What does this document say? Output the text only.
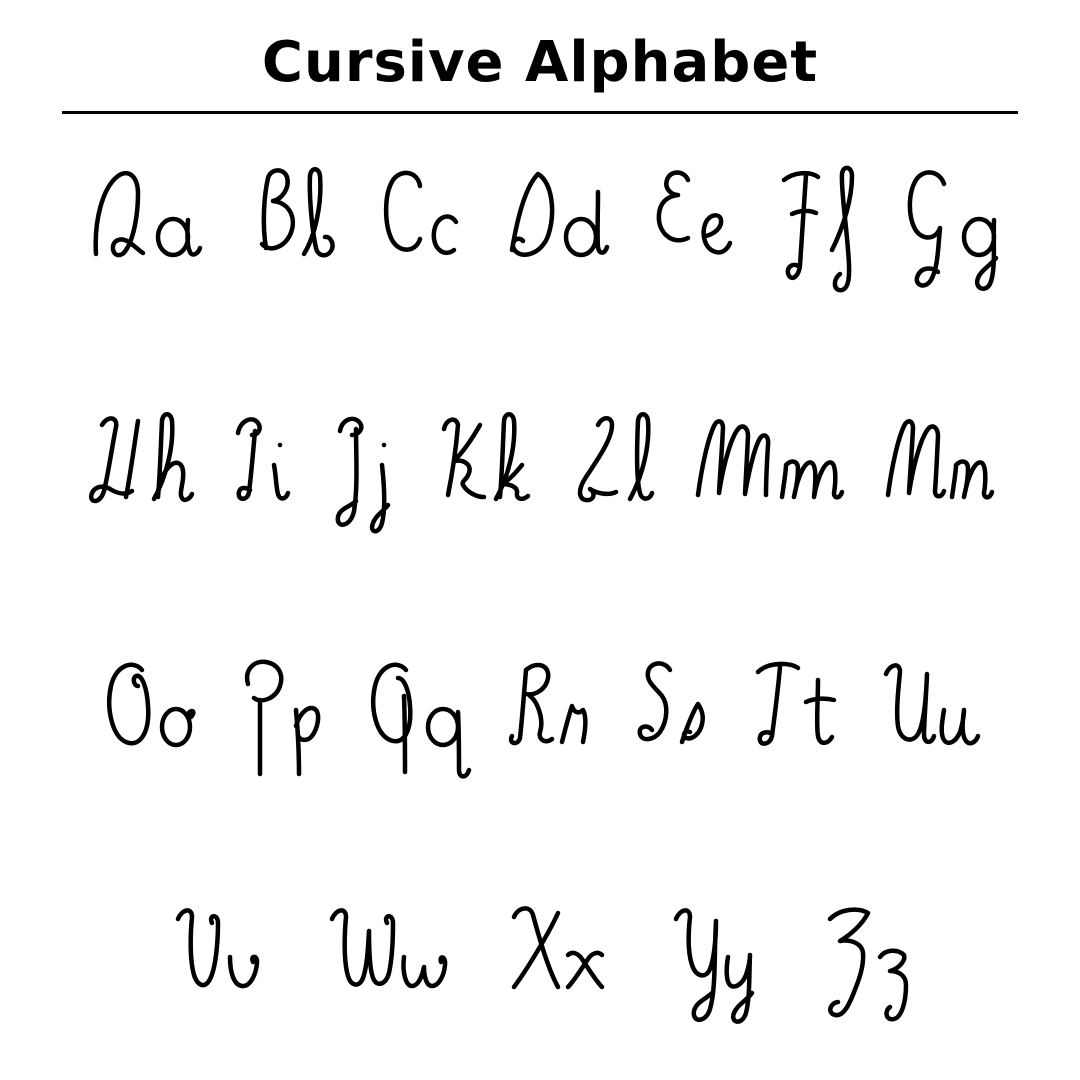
Cursive Alphabet
